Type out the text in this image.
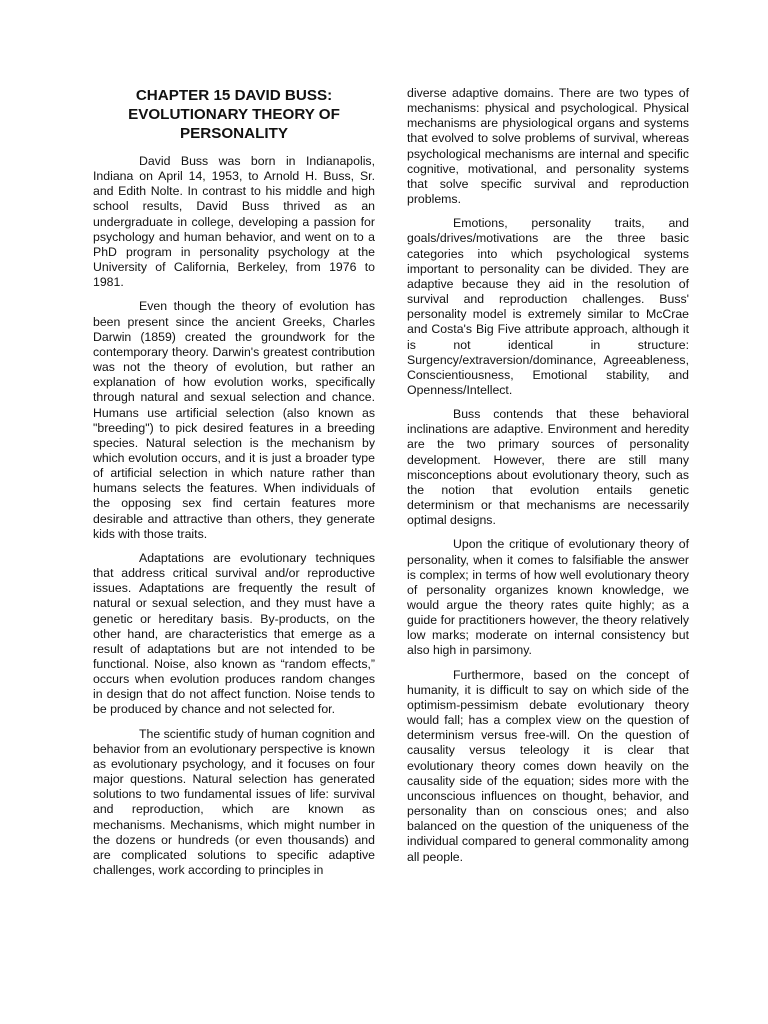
CHAPTER 15 DAVID BUSS:
EVOLUTIONARY THEORY OF
PERSONALITY

David Buss was born in Indianapolis, Indiana on April 14, 1953, to Arnold H. Buss, Sr. and Edith Nolte. In contrast to his middle and high school results, David Buss thrived as an undergraduate in college, developing a passion for psychology and human behavior, and went on to a PhD program in personality psychology at the University of California, Berkeley, from 1976 to 1981.

Even though the theory of evolution has been present since the ancient Greeks, Charles Darwin (1859) created the groundwork for the contemporary theory. Darwin's greatest contribution was not the theory of evolution, but rather an explanation of how evolution works, specifically through natural and sexual selection and chance. Humans use artificial selection (also known as "breeding") to pick desired features in a breeding species. Natural selection is the mechanism by which evolution occurs, and it is just a broader type of artificial selection in which nature rather than humans selects the features. When individuals of the opposing sex find certain features more desirable and attractive than others, they generate kids with those traits.

Adaptations are evolutionary techniques that address critical survival and/or reproductive issues. Adaptations are frequently the result of natural or sexual selection, and they must have a genetic or hereditary basis. By-products, on the other hand, are characteristics that emerge as a result of adaptations but are not intended to be functional. Noise, also known as “random effects,” occurs when evolution produces random changes in design that do not affect function. Noise tends to be produced by chance and not selected for.

The scientific study of human cognition and behavior from an evolutionary perspective is known as evolutionary psychology, and it focuses on four major questions. Natural selection has generated solutions to two fundamental issues of life: survival and reproduction, which are known as mechanisms. Mechanisms, which might number in the dozens or hundreds (or even thousands) and are complicated solutions to specific adaptive challenges, work according to principles in

diverse adaptive domains. There are two types of mechanisms: physical and psychological. Physical mechanisms are physiological organs and systems that evolved to solve problems of survival, whereas psychological mechanisms are internal and specific cognitive, motivational, and personality systems that solve specific survival and reproduction problems.

Emotions, personality traits, and goals/drives/motivations are the three basic categories into which psychological systems important to personality can be divided. They are adaptive because they aid in the resolution of survival and reproduction challenges. Buss' personality model is extremely similar to McCrae and Costa's Big Five attribute approach, although it is not identical in structure: Surgency/extraversion/dominance, Agreeableness, Conscientiousness, Emotional stability, and Openness/Intellect.

Buss contends that these behavioral inclinations are adaptive. Environment and heredity are the two primary sources of personality development. However, there are still many misconceptions about evolutionary theory, such as the notion that evolution entails genetic determinism or that mechanisms are necessarily optimal designs.

Upon the critique of evolutionary theory of personality, when it comes to falsifiable the answer is complex; in terms of how well evolutionary theory of personality organizes known knowledge, we would argue the theory rates quite highly; as a guide for practitioners however, the theory relatively low marks; moderate on internal consistency but also high in parsimony.

Furthermore, based on the concept of humanity, it is difficult to say on which side of the optimism-pessimism debate evolutionary theory would fall; has a complex view on the question of determinism versus free-will. On the question of causality versus teleology it is clear that evolutionary theory comes down heavily on the causality side of the equation; sides more with the unconscious influences on thought, behavior, and personality than on conscious ones; and also balanced on the question of the uniqueness of the individual compared to general commonality among all people.
